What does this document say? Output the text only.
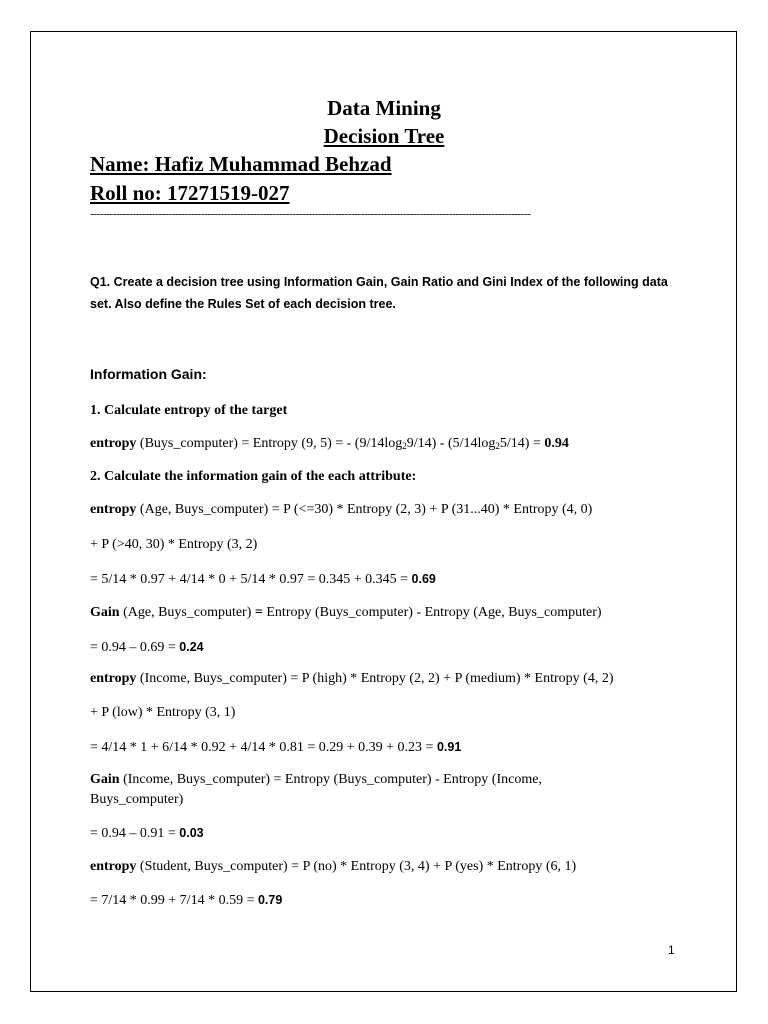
Data Mining
Decision Tree
Name: Hafiz Muhammad Behzad
Roll no: 17271519-027
---------------------------------------------------------------------------------------------------------------------------------------
Q1. Create a decision tree using Information Gain, Gain Ratio and Gini Index of the following data set. Also define the Rules Set of each decision tree.
Information Gain:
1. Calculate entropy of the target
entropy (Buys_computer) = Entropy (9, 5) = - $(9/14\log_29/14) - (5/14\log_25/14) = 0.94$
2. Calculate the information gain of the each attribute:
entropy (Age, Buys_computer) = P (<=30) * Entropy (2, 3) + P (31...40) * Entropy (4, 0)
+ P (>40, 30) * Entropy (3, 2)
= 5/14 * 0.97 + 4/14 * 0 + 5/14 * 0.97 = 0.345 + 0.345 = 0.69
Gain (Age, Buys_computer) = Entropy (Buys_computer) - Entropy (Age, Buys_computer)
= 0.94 – 0.69 = 0.24
entropy (Income, Buys_computer) = P (high) * Entropy (2, 2) + P (medium) * Entropy (4, 2)
+ P (low) * Entropy (3, 1)
= 4/14 * 1 + 6/14 * 0.92 + 4/14 * 0.81 = 0.29 + 0.39 + 0.23 = 0.91
Gain (Income, Buys_computer) = Entropy (Buys_computer) - Entropy (Income,
Buys_computer)
= 0.94 – 0.91 = 0.03
entropy (Student, Buys_computer) = P (no) * Entropy (3, 4) + P (yes) * Entropy (6, 1)
= 7/14 * 0.99 + 7/14 * 0.59 = 0.79
1
